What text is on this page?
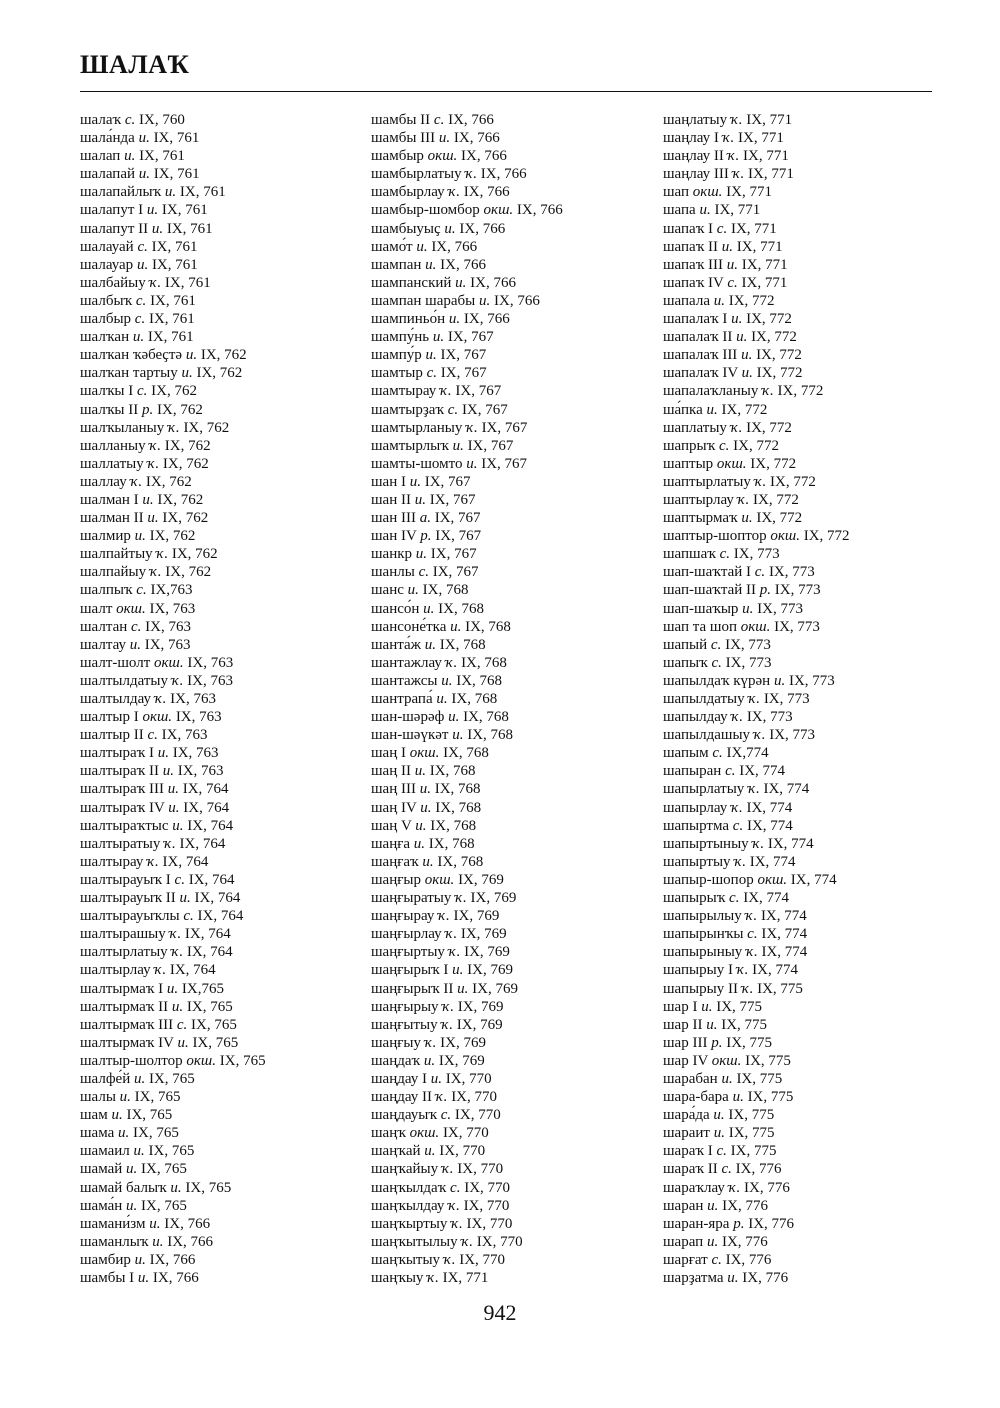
ШАЛАҠ
шалаҡ с. IX, 760
шала́нда и. IX, 761
шалап и. IX, 761
шалапай и. IX, 761
шалапайлыҡ и. IX, 761
шалапут I и. IX, 761
шалапут II и. IX, 761
шалауай с. IX, 761
шалауар и. IX, 761
шалбайыу ҡ. IX, 761
шалбыҡ с. IX, 761
шалбыр с. IX, 761
шалҡан и. IX, 761
шалҡан ҡәбеҫтә и. IX, 762
шалҡан тартыу и. IX, 762
шалҡы I с. IX, 762
шалҡы II р. IX, 762
шалҡыланыу ҡ. IX, 762
шалланыу ҡ. IX, 762
шаллатыу ҡ. IX, 762
шаллау ҡ. IX, 762
шалман I и. IX, 762
шалман II и. IX, 762
шалмир и. IX, 762
шалпайтыу ҡ. IX, 762
шалпайыу ҡ. IX, 762
шалпыҡ с. IX,763
шалт окш. IX, 763
шалтан с. IX, 763
шалтау и. IX, 763
шалт-шолт окш. IX, 763
шалтылдатыу ҡ. IX, 763
шалтылдау ҡ. IX, 763
шалтыр I окш. IX, 763
шалтыр II с. IX, 763
шалтыраҡ I и. IX, 763
шалтыраҡ II и. IX, 763
шалтыраҡ III и. IX, 764
шалтыраҡ IV и. IX, 764
шалтыраҡтыс и. IX, 764
шалтыратыу ҡ. IX, 764
шалтырау ҡ. IX, 764
шалтырауыҡ I с. IX, 764
шалтырауыҡ II и. IX, 764
шалтырауыҡлы с. IX, 764
шалтырашыу ҡ. IX, 764
шалтырлатыу ҡ. IX, 764
шалтырлау ҡ. IX, 764
шалтырмаҡ I и. IX,765
шалтырмаҡ II и. IX, 765
шалтырмаҡ III с. IX, 765
шалтырмаҡ IV и. IX, 765
шалтыр-шолтор окш. IX, 765
шалфе́й и. IX, 765
шалы и. IX, 765
шам и. IX, 765
шама и. IX, 765
шамаил и. IX, 765
шамай и. IX, 765
шамай балыҡ и. IX, 765
шама́н и. IX, 765
шамани́зм и. IX, 766
шаманлыҡ и. IX, 766
шамбир и. IX, 766
шамбы I и. IX, 766
шамбы II с. IX, 766
шамбы III и. IX, 766
шамбыр окш. IX, 766
шамбырлатыу ҡ. IX, 766
шамбырлау ҡ. IX, 766
шамбыр-шомбор окш. IX, 766
шамбыуыҫ и. IX, 766
шамо́т и. IX, 766
шампан и. IX, 766
шампанский и. IX, 766
шампан шарабы и. IX, 766
шампиньо́н и. IX, 766
шампу́нь и. IX, 767
шампу́р и. IX, 767
шамтыр с. IX, 767
шамтырау ҡ. IX, 767
шамтырҙаҡ с. IX, 767
шамтырланыу ҡ. IX, 767
шамтырлыҡ и. IX, 767
шамты-шомто и. IX, 767
шан I и. IX, 767
шан II и. IX, 767
шан III а. IX, 767
шан IV р. IX, 767
шанкр и. IX, 767
шанлы с. IX, 767
шанс и. IX, 768
шансо́н и. IX, 768
шансоне́тка и. IX, 768
шанта́ж и. IX, 768
шантажлау ҡ. IX, 768
шантажсы и. IX, 768
шантрапа́ и. IX, 768
шан-шәрәф и. IX, 768
шан-шәүкәт и. IX, 768
шаң I окш. IX, 768
шаң II и. IX, 768
шаң III и. IX, 768
шаң IV и. IX, 768
шаң V и. IX, 768
шаңға и. IX, 768
шаңғаҡ и. IX, 768
шаңғыр окш. IX, 769
шаңғыратыу ҡ. IX, 769
шаңғырау ҡ. IX, 769
шаңғырлау ҡ. IX, 769
шаңғыртыу ҡ. IX, 769
шаңғырыҡ I и. IX, 769
шаңғырыҡ II и. IX, 769
шаңғырыу ҡ. IX, 769
шаңғытыу ҡ. IX, 769
шаңғыу ҡ. IX, 769
шаңдаҡ и. IX, 769
шаңдау I и. IX, 770
шаңдау II ҡ. IX, 770
шаңдауыҡ с. IX, 770
шаңҡ окш. IX, 770
шаңҡай и. IX, 770
шаңҡайыу ҡ. IX, 770
шаңҡылдаҡ с. IX, 770
шаңҡылдау ҡ. IX, 770
шаңҡыртыу ҡ. IX, 770
шаңҡытылыу ҡ. IX, 770
шаңҡытыу ҡ. IX, 770
шаңҡыу ҡ. IX, 771
шаңлатыу ҡ. IX, 771
шаңлау I ҡ. IX, 771
шаңлау II ҡ. IX, 771
шаңлау III ҡ. IX, 771
шап окш. IX, 771
шапа и. IX, 771
шапаҡ I с. IX, 771
шапаҡ II и. IX, 771
шапаҡ III и. IX, 771
шапаҡ IV с. IX, 771
шапала и. IX, 772
шапалаҡ I и. IX, 772
шапалаҡ II и. IX, 772
шапалаҡ III и. IX, 772
шапалаҡ IV и. IX, 772
шапалаҡланыу ҡ. IX, 772
ша́пка и. IX, 772
шаплатыу ҡ. IX, 772
шапрыҡ с. IX, 772
шаптыр окш. IX, 772
шаптырлатыу ҡ. IX, 772
шаптырлау ҡ. IX, 772
шаптырмаҡ и. IX, 772
шаптыр-шоптор окш. IX, 772
шапшаҡ с. IX, 773
шап-шаҡтай I с. IX, 773
шап-шаҡтай II р. IX, 773
шап-шаҡыр и. IX, 773
шап та шоп окш. IX, 773
шапый с. IX, 773
шапыҡ с. IX, 773
шапылдаҡ күрән и. IX, 773
шапылдатыу ҡ. IX, 773
шапылдау ҡ. IX, 773
шапылдашыу ҡ. IX, 773
шапым с. IX,774
шапыран с. IX, 774
шапырлатыу ҡ. IX, 774
шапырлау ҡ. IX, 774
шапыртма с. IX, 774
шапыртыныу ҡ. IX, 774
шапыртыу ҡ. IX, 774
шапыр-шопор окш. IX, 774
шапырыҡ с. IX, 774
шапырылыу ҡ. IX, 774
шапырынҡы с. IX, 774
шапырыныу ҡ. IX, 774
шапырыу I ҡ. IX, 774
шапырыу II ҡ. IX, 775
шар I и. IX, 775
шар II и. IX, 775
шар III р. IX, 775
шар IV окш. IX, 775
шарабан и. IX, 775
шара-бара и. IX, 775
шара́да и. IX, 775
шараит и. IX, 775
шараҡ I с. IX, 775
шараҡ II с. IX, 776
шараҡлау ҡ. IX, 776
шаран и. IX, 776
шаран-яра р. IX, 776
шарап и. IX, 776
шарғат с. IX, 776
шарҙатма и. IX, 776
942
